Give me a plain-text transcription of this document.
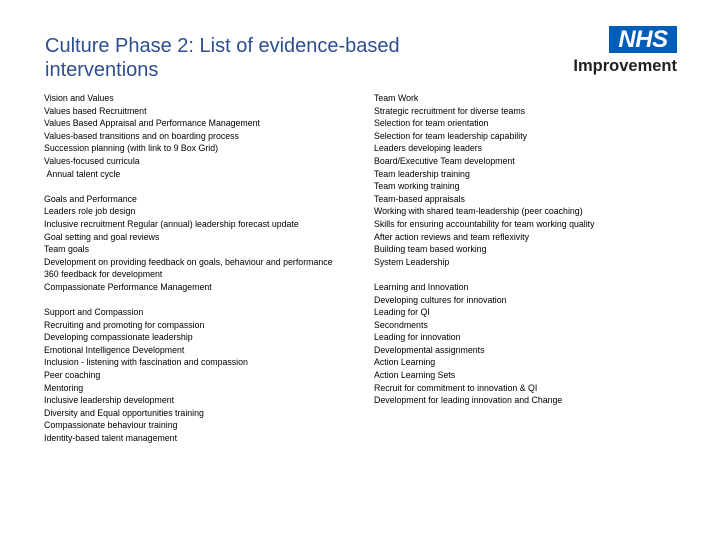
Culture Phase 2: List of evidence-based interventions
NHS
Improvement
Vision and Values
Values based Recruitment
Values Based Appraisal and Performance Management
Values-based transitions and on boarding process
Succession planning (with link to 9 Box Grid)
Values-focused curricula
Annual talent cycle
Goals and Performance
Leaders role job design
Inclusive recruitment Regular (annual) leadership forecast update
Goal setting and goal reviews
Team goals
Development on providing feedback on goals, behaviour and performance
360 feedback for development
Compassionate Performance Management
Support and Compassion
Recruiting and promoting for compassion
Developing compassionate leadership
Emotional Intelligence Development
Inclusion - listening with fascination and compassion
Peer coaching
Mentoring
Inclusive leadership development
Diversity and Equal opportunities training
Compassionate behaviour training
Identity-based talent management
Team Work
Strategic recruitment for diverse teams
Selection for team orientation
Selection for team leadership capability
Leaders developing leaders
Board/Executive Team development
Team leadership training
Team working training
Team-based appraisals
Working with shared team-leadership (peer coaching)
Skills for ensuring accountability for team working quality
After action reviews and team reflexivity
Building team based working
System Leadership
Learning and Innovation
Developing cultures for innovation
Leading for QI
Secondments
Leading for innovation
Developmental assignments
Action Learning
Action Learning Sets
Recruit for commitment to innovation & QI
Development for leading innovation and Change
